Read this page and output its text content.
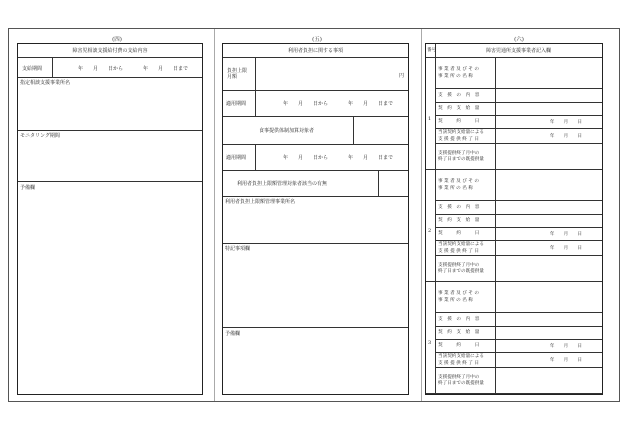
(四)
障害児相談支援給付費の支給内容
支給期間	年　　月　　日から　　　　年　　月　　日まで
指定相談支援事業所名
モニタリング期間
予備欄
(五)
利用者負担に関する事項
負担上限
月額	円
適用期間	年　　月　　日から　　　　年　　月　　日まで
食事提供体制加算対象者
適用期間	年　　月　　日から　　　　年　　月　　日まで
利用者負担上限額管理対象者該当の有無
利用者負担上限額管理事業所名
特記事項欄
予備欄
(六)
番号	障害児通所支援事業者記入欄
1
事 業 者 及 び そ の
事 業 所 の 名 称
支　援　の　内　容
契　約　支　給　量
契　　　約　　　日	年　　月　　日
当該契約支給量による
支 援 提 供 終 了 日
年　　月　　日
支援提供終了月中の
終了日までの既提供量
2
事 業 者 及 び そ の
事 業 所 の 名 称
支　援　の　内　容
契　約　支　給　量
契　　　約　　　日	年　　月　　日
当該契約支給量による
支 援 提 供 終 了 日
年　　月　　日
支援提供終了月中の
終了日までの既提供量
3
事 業 者 及 び そ の
事 業 所 の 名 称
支　援　の　内　容
契　約　支　給　量
契　　　約　　　日	年　　月　　日
当該契約支給量による
支 援 提 供 終 了 日
年　　月　　日
支援提供終了月中の
終了日までの既提供量
